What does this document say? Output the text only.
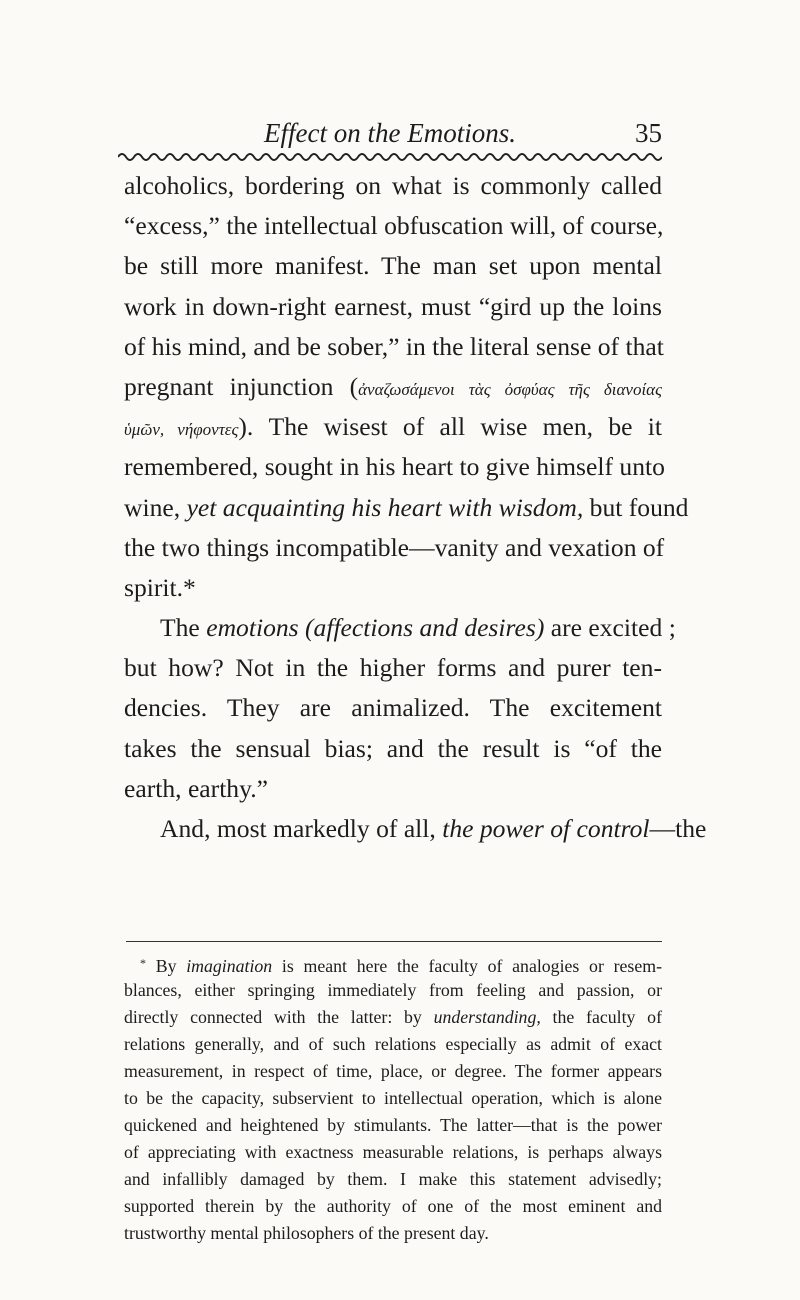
Effect on the Emotions.	35
alcoholics, bordering on what is commonly called
“excess,” the intellectual obfuscation will, of course,
be still more manifest. The man set upon mental
work in down-right earnest, must “gird up the loins
of his mind, and be sober,” in the literal sense of that
pregnant injunction (ἀναζωσάμενοι τὰς ὀσφύας τῆς διανοίας
ὑμῶν, νήφοντες). The wisest of all wise men, be it
remembered, sought in his heart to give himself unto
wine, yet acquainting his heart with wisdom, but found
the two things incompatible—vanity and vexation of
spirit.*
The emotions (affections and desires) are excited ;
but how? Not in the higher forms and purer ten-
dencies. They are animalized. The excitement
takes the sensual bias; and the result is “of the
earth, earthy.”
And, most markedly of all, the power of control—the
* By imagination is meant here the faculty of analogies or resem-
blances, either springing immediately from feeling and passion, or
directly connected with the latter: by understanding, the faculty of
relations generally, and of such relations especially as admit of exact
measurement, in respect of time, place, or degree. The former appears
to be the capacity, subservient to intellectual operation, which is alone
quickened and heightened by stimulants. The latter—that is the power
of appreciating with exactness measurable relations, is perhaps always
and infallibly damaged by them. I make this statement advisedly;
supported therein by the authority of one of the most eminent and
trustworthy mental philosophers of the present day.
